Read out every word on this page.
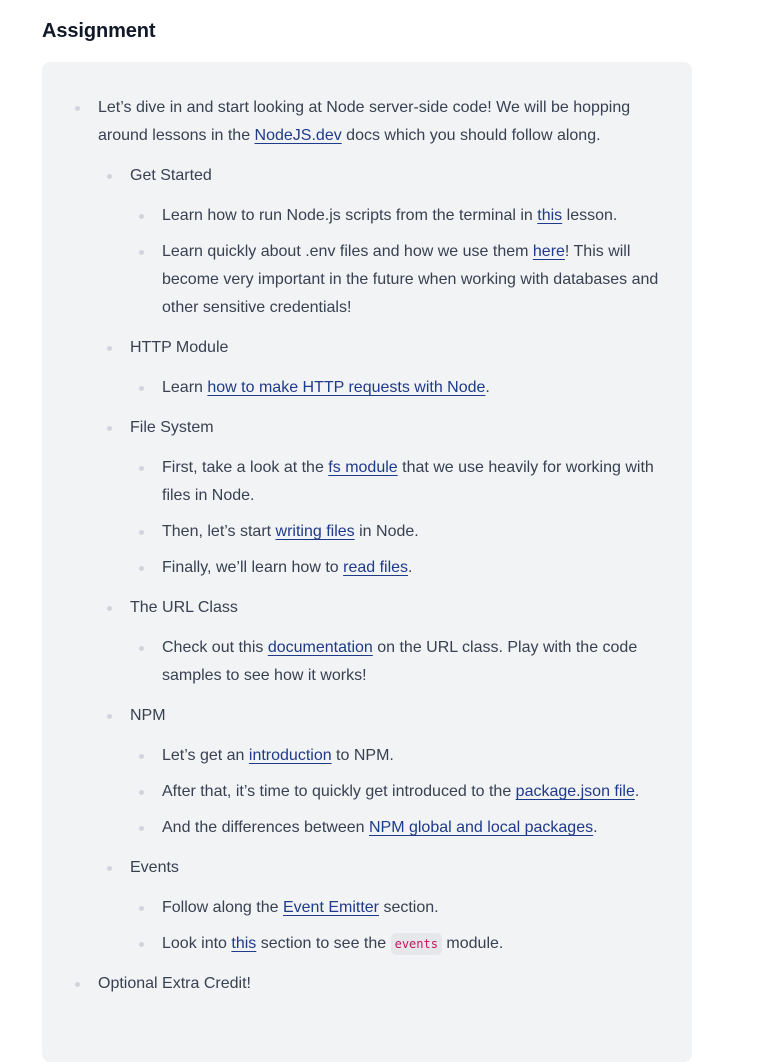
Assignment
Let’s dive in and start looking at Node server-side code! We will be hopping around lessons in the NodeJS.dev docs which you should follow along.
Get Started
Learn how to run Node.js scripts from the terminal in this lesson.
Learn quickly about .env files and how we use them here! This will become very important in the future when working with databases and other sensitive credentials!
HTTP Module
Learn how to make HTTP requests with Node.
File System
First, take a look at the fs module that we use heavily for working with files in Node.
Then, let’s start writing files in Node.
Finally, we’ll learn how to read files.
The URL Class
Check out this documentation on the URL class. Play with the code samples to see how it works!
NPM
Let’s get an introduction to NPM.
After that, it’s time to quickly get introduced to the package.json file.
And the differences between NPM global and local packages.
Events
Follow along the Event Emitter section.
Look into this section to see the events module.
Optional Extra Credit!
